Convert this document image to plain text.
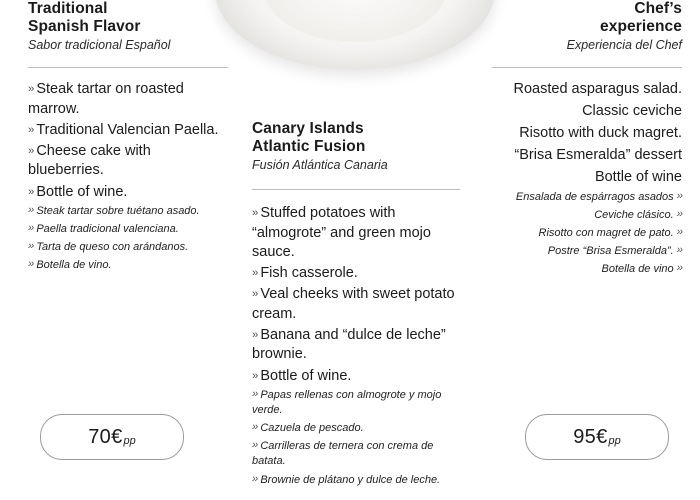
Traditional
Spanish Flavor

Sabor tradicional Español

›› Steak tartar on roasted marrow.
›› Traditional Valencian Paella.
›› Cheese cake with blueberries.
›› Bottle of wine.
›› Steak tartar sobre tuétano asado.
›› Paella tradicional valenciana.
›› Tarta de queso con arándanos.
›› Botella de vino.
Canary Islands
Atlantic Fusion

Fusión Atlántica Canaria

›› Stuffed potatoes with “almogrote” and green mojo sauce.
›› Fish casserole.
›› Veal cheeks with sweet potato cream.
›› Banana and “dulce de leche” brownie.
›› Bottle of wine.
›› Papas rellenas con almogrote y mojo verde.
›› Cazuela de pescado.
›› Carrilleras de ternera con crema de batata.
›› Brownie de plátano y dulce de leche.
Chef’s
experience

Experiencia del Chef

Roasted asparagus salad.
Classic ceviche
Risotto with duck magret.
“Brisa Esmeralda” dessert
Bottle of wine
Ensalada de espárragos asados ››
Ceviche clásico. ››
Risotto con magret de pato. ››
Postre “Brisa Esmeralda”. ››
Botella de vino ››
70€ pp	95€ pp
